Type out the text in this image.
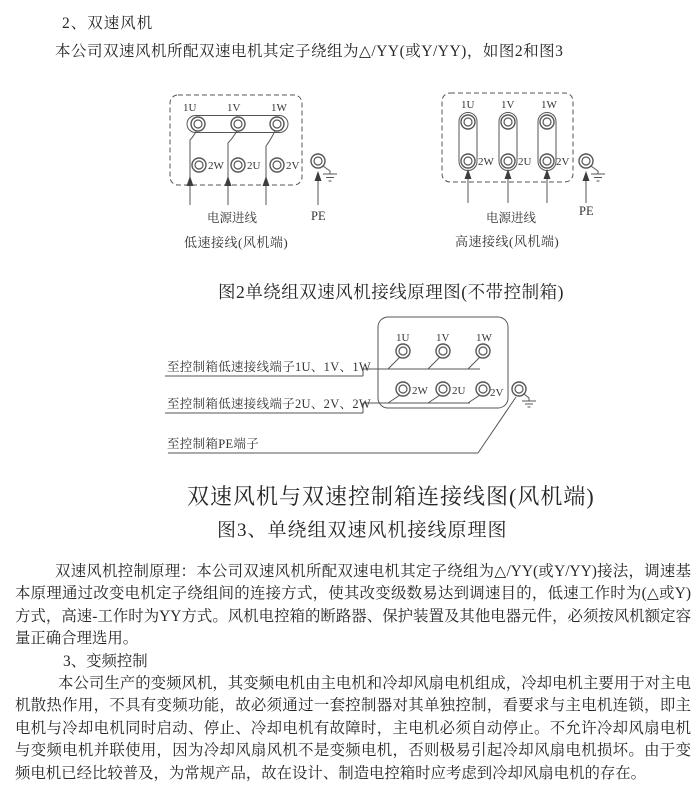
2、双速风机
本公司双速风机所配双速电机其定子绕组为△/YY(或Y/YY)，如图2和图3
1U	1V	1W
2W 2U 2V
电源进线	PE
低速接线(风机端)
1U 1V 1W
2W 2U 2V
电源进线	PE
高速接线(风机端)
图2单绕组双速风机接线原理图(不带控制箱)
1U 1V 1W
2W 2U 2V
至控制箱低速接线端子1U、1V、1W
至控制箱低速接线端子2U、2V、2W
至控制箱PE端子
双速风机与双速控制箱连接线图(风机端)
图3、单绕组双速风机接线原理图

双速风机控制原理：本公司双速风机所配双速电机其定子绕组为△/YY(或Y/YY)接法，调速基本原理通过改变电机定子绕组间的连接方式，使其改变级数易达到调速目的，低速工作时为(△或Y)方式，高速-工作时为YY方式。风机电控箱的断路器、保护装置及其他电器元件，必须按风机额定容量正确合理选用。

3、变频控制

本公司生产的变频风机，其变频电机由主电机和冷却风扇电机组成，冷却电机主要用于对主电机散热作用，不具有变频功能，故必须通过一套控制器对其单独控制，看要求与主电机连锁，即主电机与冷却电机同时启动、停止、冷却电机有故障时，主电机必须自动停止。不允许冷却风扇电机与变频电机并联使用，因为冷却风扇风机不是变频电机，否则极易引起冷却风扇电机损坏。由于变频电机已经比较普及，为常规产品，故在设计、制造电控箱时应考虑到冷却风扇电机的存在。
